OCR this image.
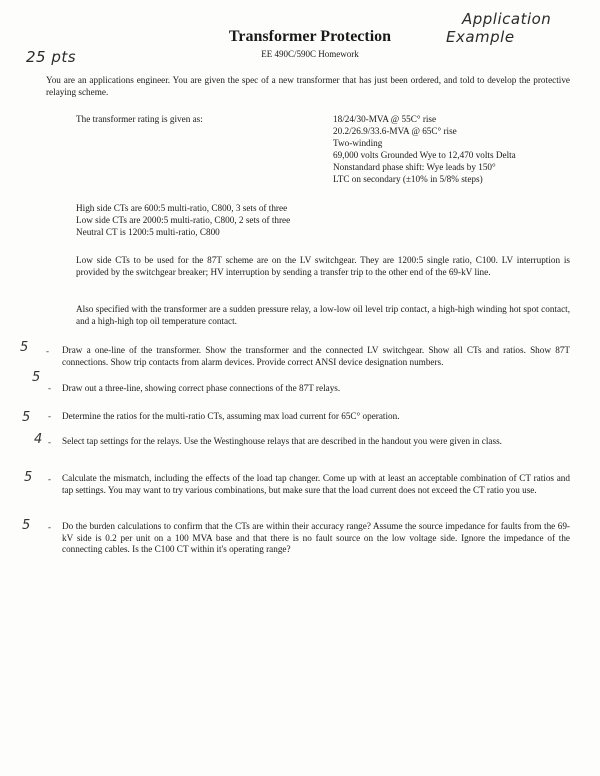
Application
Example
25 pts
Transformer Protection
EE 490C/590C Homework
You are an applications engineer. You are given the spec of a new transformer that has just been ordered, and told to develop the protective relaying scheme.
The transformer rating is given as:	18/24/30-MVA @ 55C° rise
20.2/26.9/33.6-MVA @ 65C° rise
Two-winding
69,000 volts Grounded Wye to 12,470 volts Delta
Nonstandard phase shift: Wye leads by 150°
LTC on secondary (±10% in 5/8% steps)
High side CTs are 600:5 multi-ratio, C800, 3 sets of three
Low side CTs are 2000:5 multi-ratio, C800, 2 sets of three
Neutral CT is 1200:5 multi-ratio, C800
Low side CTs to be used for the 87T scheme are on the LV switchgear. They are 1200:5 single ratio, C100. LV interruption is provided by the switchgear breaker; HV interruption by sending a transfer trip to the other end of the 69-kV line.
Also specified with the transformer are a sudden pressure relay, a low-low oil level trip contact, a high-high winding hot spot contact, and a high-high top oil temperature contact.
5 - Draw a one-line of the transformer. Show the transformer and the connected LV switchgear. Show all CTs and ratios. Show 87T connections. Show trip contacts from alarm devices. Provide correct ANSI device designation numbers.
5
- Draw out a three-line, showing correct phase connections of the 87T relays.
5 - Determine the ratios for the multi-ratio CTs, assuming max load current for 65C° operation.
4 - Select tap settings for the relays. Use the Westinghouse relays that are described in the handout you were given in class.
5 - Calculate the mismatch, including the effects of the load tap changer. Come up with at least an acceptable combination of CT ratios and tap settings. You may want to try various combinations, but make sure that the load current does not exceed the CT ratio you use.
5 - Do the burden calculations to confirm that the CTs are within their accuracy range? Assume the source impedance for faults from the 69-kV side is 0.2 per unit on a 100 MVA base and that there is no fault source on the low voltage side. Ignore the impedance of the connecting cables. Is the C100 CT within it's operating range?
